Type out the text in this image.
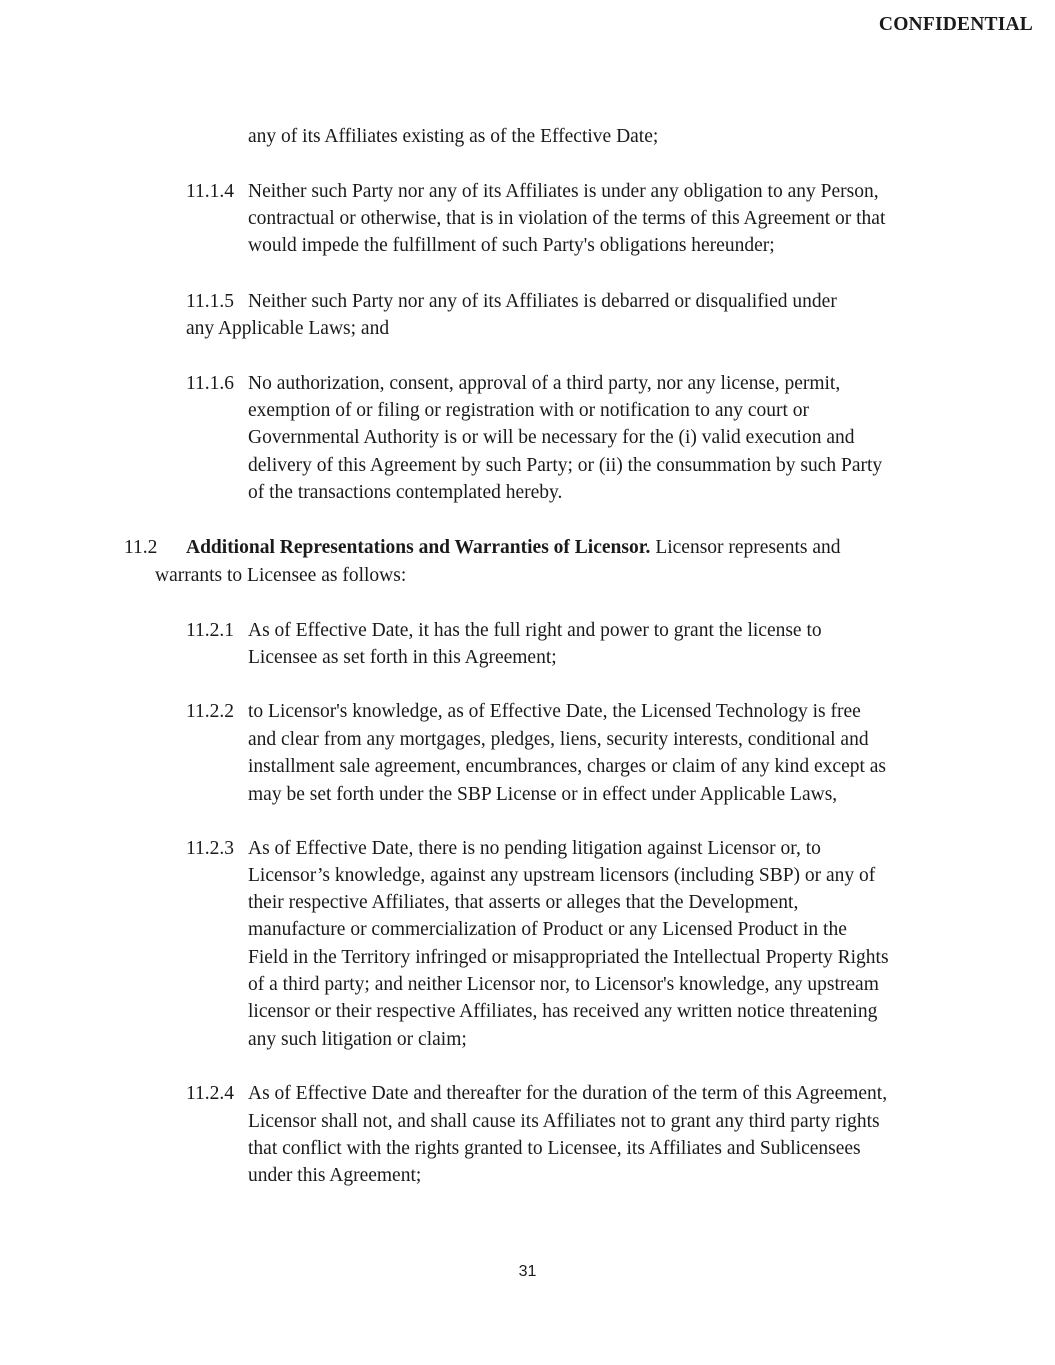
CONFIDENTIAL
any of its Affiliates existing as of the Effective Date;
11.1.4 Neither such Party nor any of its Affiliates is under any obligation to any Person,
contractual or otherwise, that is in violation of the terms of this Agreement or that
would impede the fulfillment of such Party's obligations hereunder;
11.1.5 Neither such Party nor any of its Affiliates is debarred or disqualified under
any Applicable Laws; and
11.1.6 No authorization, consent, approval of a third party, nor any license, permit,
exemption of or filing or registration with or notification to any court or
Governmental Authority is or will be necessary for the (i) valid execution and
delivery of this Agreement by such Party; or (ii) the consummation by such Party
of the transactions contemplated hereby.
11.2 Additional Representations and Warranties of Licensor. Licensor represents and
warrants to Licensee as follows:
11.2.1 As of Effective Date, it has the full right and power to grant the license to
Licensee as set forth in this Agreement;
11.2.2 to Licensor's knowledge, as of Effective Date, the Licensed Technology is free
and clear from any mortgages, pledges, liens, security interests, conditional and
installment sale agreement, encumbrances, charges or claim of any kind except as
may be set forth under the SBP License or in effect under Applicable Laws,
11.2.3 As of Effective Date, there is no pending litigation against Licensor or, to
Licensor’s knowledge, against any upstream licensors (including SBP) or any of
their respective Affiliates, that asserts or alleges that the Development,
manufacture or commercialization of Product or any Licensed Product in the
Field in the Territory infringed or misappropriated the Intellectual Property Rights
of a third party; and neither Licensor nor, to Licensor's knowledge, any upstream
licensor or their respective Affiliates, has received any written notice threatening
any such litigation or claim;
11.2.4 As of Effective Date and thereafter for the duration of the term of this Agreement,
Licensor shall not, and shall cause its Affiliates not to grant any third party rights
that conflict with the rights granted to Licensee, its Affiliates and Sublicensees
under this Agreement;
31
